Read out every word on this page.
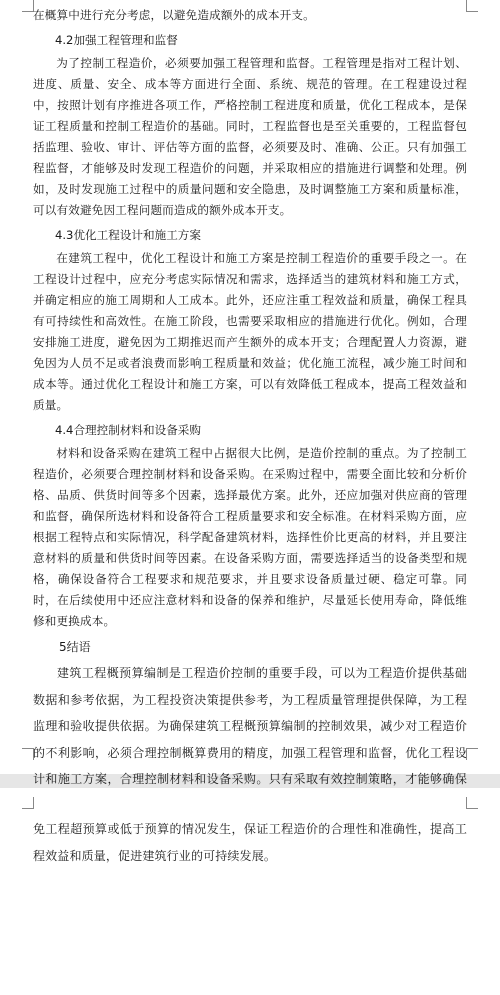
在概算中进行充分考虑，以避免造成额外的成本开支。

4.2加强工程管理和监督

为了控制工程造价，必须要加强工程管理和监督。工程管理是指对工程计划、进度、质量、安全、成本等方面进行全面、系统、规范的管理。在工程建设过程中，按照计划有序推进各项工作，严格控制工程进度和质量，优化工程成本，是保证工程质量和控制工程造价的基础。同时，工程监督也是至关重要的，工程监督包括监理、验收、审计、评估等方面的监督，必须要及时、准确、公正。只有加强工程监督，才能够及时发现工程造价的问题，并采取相应的措施进行调整和处理。例如，及时发现施工过程中的质量问题和安全隐患，及时调整施工方案和质量标准，可以有效避免因工程问题而造成的额外成本开支。

4.3优化工程设计和施工方案

在建筑工程中，优化工程设计和施工方案是控制工程造价的重要手段之一。在工程设计过程中，应充分考虑实际情况和需求，选择适当的建筑材料和施工方式，并确定相应的施工周期和人工成本。此外，还应注重工程效益和质量，确保工程具有可持续性和高效性。在施工阶段，也需要采取相应的措施进行优化。例如，合理安排施工进度，避免因为工期推迟而产生额外的成本开支；合理配置人力资源，避免因为人员不足或者浪费而影响工程质量和效益；优化施工流程，减少施工时间和成本等。通过优化工程设计和施工方案，可以有效降低工程成本，提高工程效益和质量。

4.4合理控制材料和设备采购

材料和设备采购在建筑工程中占据很大比例，是造价控制的重点。为了控制工程造价，必须要合理控制材料和设备采购。在采购过程中，需要全面比较和分析价格、品质、供货时间等多个因素，选择最优方案。此外，还应加强对供应商的管理和监督，确保所选材料和设备符合工程质量要求和安全标准。在材料采购方面，应根据工程特点和实际情况，科学配备建筑材料，选择性价比更高的材料，并且要注意材料的质量和供货时间等因素。在设备采购方面，需要选择适当的设备类型和规格，确保设备符合工程要求和规范要求，并且要求设备质量过硬、稳定可靠。同时，在后续使用中还应注意材料和设备的保养和维护，尽量延长使用寿命，降低维修和更换成本。

5结语

建筑工程概预算编制是工程造价控制的重要手段，可以为工程造价提供基础数据和参考依据，为工程投资决策提供参考，为工程质量管理提供保障，为工程监理和验收提供依据。为确保建筑工程概预算编制的控制效果，减少对工程造价的不利影响，必须合理控制概算费用的精度，加强工程管理和监督，优化工程设计和施工方案，合理控制材料和设备采购。只有采取有效控制策略，才能够确保

免工程超预算或低于预算的情况发生，保证工程造价的合理性和准确性，提高工程效益和质量，促进建筑行业的可持续发展。
